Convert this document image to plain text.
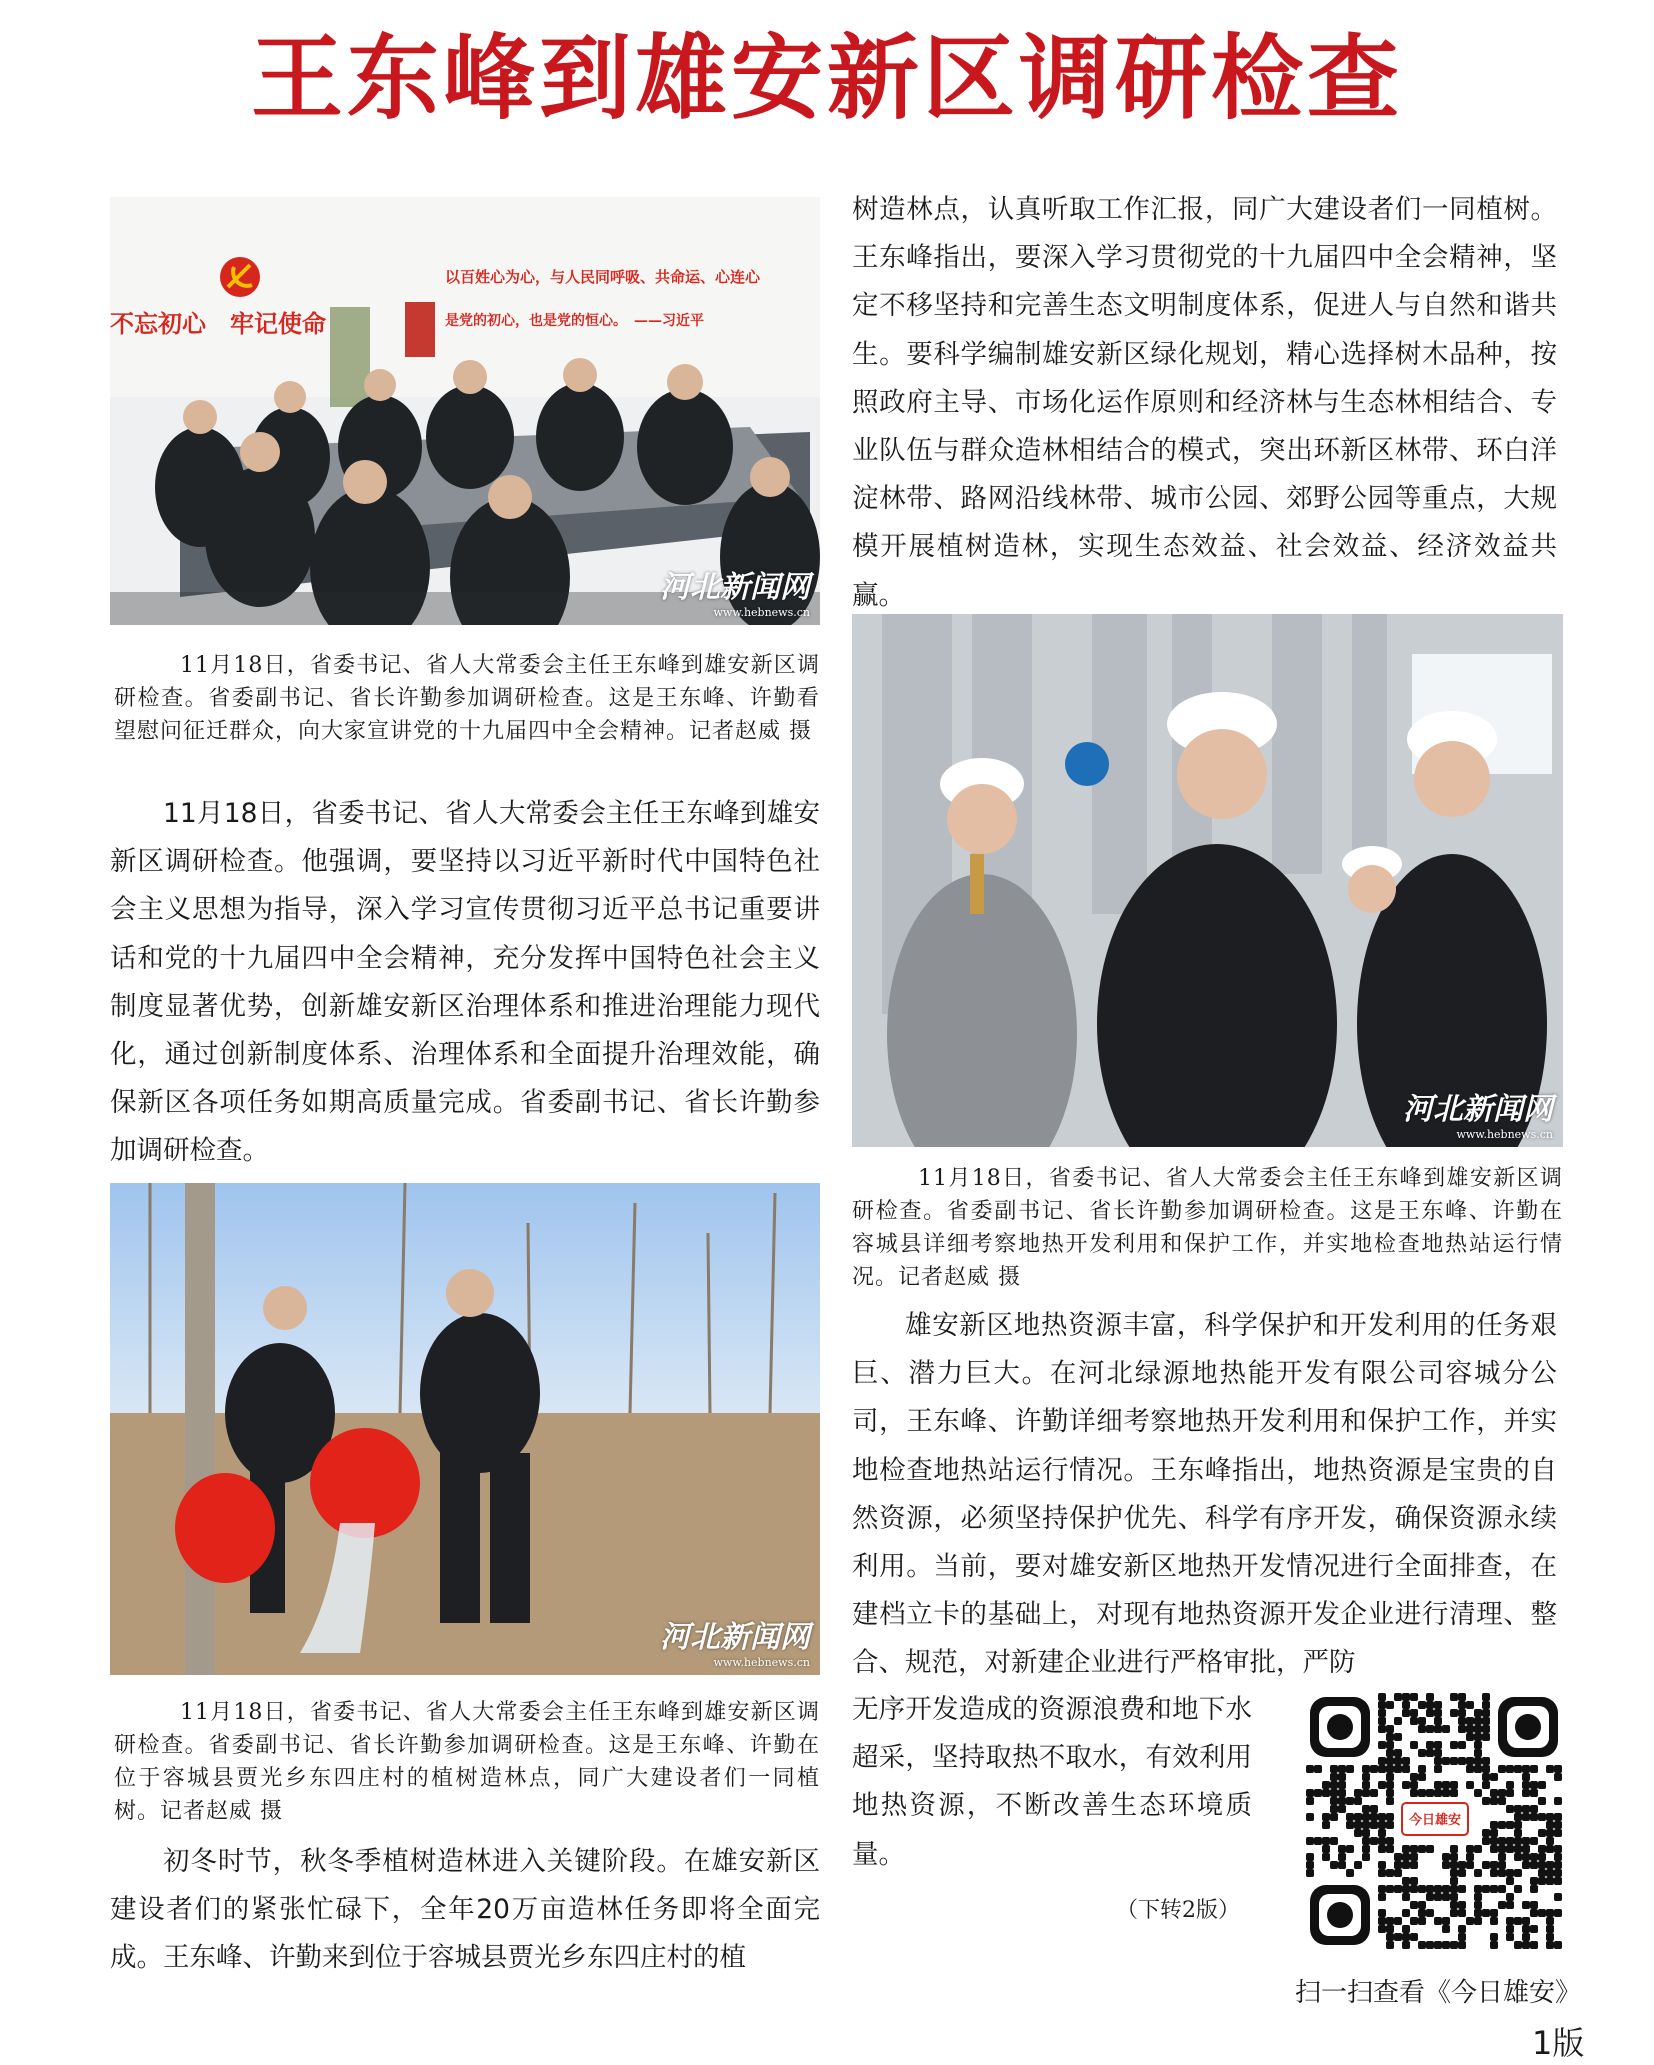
王东峰到雄安新区调研检查
不忘初心　牢记使命
以百姓心为心，与人民同呼吸、共命运、心连心
是党的初心，也是党的恒心。　——习近平
河北新闻网
www.hebnews.cn

11月18日，省委书记、省人大常委会主任王东峰到雄安新区调研检查。省委副书记、省长许勤参加调研检查。这是王东峰、许勤看望慰问征迁群众，向大家宣讲党的十九届四中全会精神。记者赵威 摄

11月18日，省委书记、省人大常委会主任王东峰到雄安新区调研检查。他强调，要坚持以习近平新时代中国特色社会主义思想为指导，深入学习宣传贯彻习近平总书记重要讲话和党的十九届四中全会精神，充分发挥中国特色社会主义制度显著优势，创新雄安新区治理体系和推进治理能力现代化，通过创新制度体系、治理体系和全面提升治理效能，确保新区各项任务如期高质量完成。省委副书记、省长许勤参加调研检查。

河北新闻网
www.hebnews.cn

11月18日，省委书记、省人大常委会主任王东峰到雄安新区调研检查。省委副书记、省长许勤参加调研检查。这是王东峰、许勤在位于容城县贾光乡东四庄村的植树造林点，同广大建设者们一同植树。记者赵威 摄

初冬时节，秋冬季植树造林进入关键阶段。在雄安新区建设者们的紧张忙碌下，全年20万亩造林任务即将全面完成。王东峰、许勤来到位于容城县贾光乡东四庄村的植

树造林点，认真听取工作汇报，同广大建设者们一同植树。王东峰指出，要深入学习贯彻党的十九届四中全会精神，坚定不移坚持和完善生态文明制度体系，促进人与自然和谐共生。要科学编制雄安新区绿化规划，精心选择树木品种，按照政府主导、市场化运作原则和经济林与生态林相结合、专业队伍与群众造林相结合的模式，突出环新区林带、环白洋淀林带、路网沿线林带、城市公园、郊野公园等重点，大规模开展植树造林，实现生态效益、社会效益、经济效益共赢。

河北新闻网
www.hebnews.cn

11月18日，省委书记、省人大常委会主任王东峰到雄安新区调研检查。省委副书记、省长许勤参加调研检查。这是王东峰、许勤在容城县详细考察地热开发利用和保护工作，并实地检查地热站运行情况。记者赵威 摄

雄安新区地热资源丰富，科学保护和开发利用的任务艰巨、潜力巨大。在河北绿源地热能开发有限公司容城分公司，王东峰、许勤详细考察地热开发利用和保护工作，并实地检查地热站运行情况。王东峰指出，地热资源是宝贵的自然资源，必须坚持保护优先、科学有序开发，确保资源永续利用。当前，要对雄安新区地热开发情况进行全面排查，在建档立卡的基础上，对现有地热资源开发企业进行清理、整合、规范，对新建企业进行严格审批，严防

无序开发造成的资源浪费和地下水超采，坚持取热不取水，有效利用地热资源，不断改善生态环境质量。

（下转2版）
今日雄安
扫一扫查看《今日雄安》
1版
